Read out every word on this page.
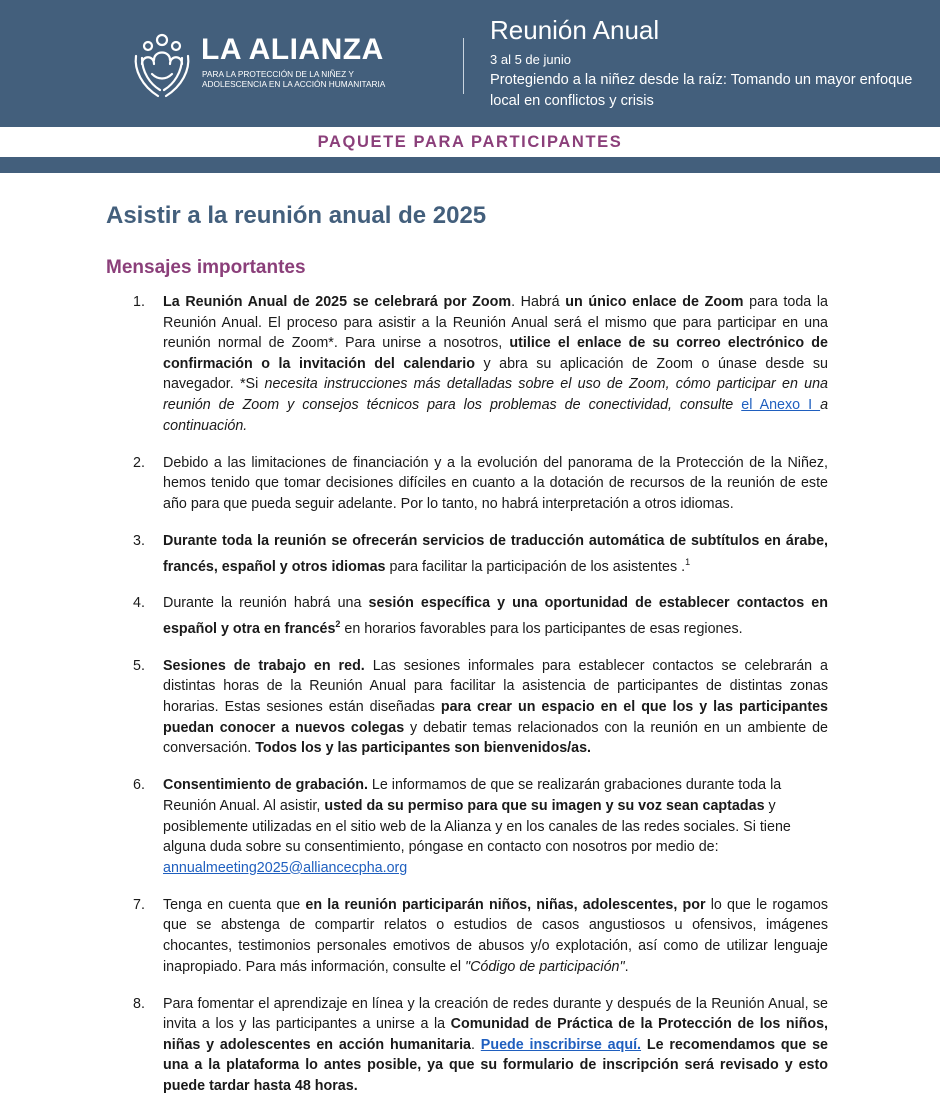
LA ALIANZA
PARA LA PROTECCIÓN DE LA NIÑEZ Y
ADOLESCENCIA EN LA ACCIÓN HUMANITARIA
Reunión Anual
3 al 5 de junio
Protegiendo a la niñez desde la raíz: Tomando un mayor enfoque local en conflictos y crisis
PAQUETE PARA PARTICIPANTES
Asistir a la reunión anual de 2025
Mensajes importantes
1. La Reunión Anual de 2025 se celebrará por Zoom. Habrá un único enlace de Zoom para toda la Reunión Anual. El proceso para asistir a la Reunión Anual será el mismo que para participar en una reunión normal de Zoom*. Para unirse a nosotros, utilice el enlace de su correo electrónico de confirmación o la invitación del calendario y abra su aplicación de Zoom o únase desde su navegador. *Si necesita instrucciones más detalladas sobre el uso de Zoom, cómo participar en una reunión de Zoom y consejos técnicos para los problemas de conectividad, consulte el Anexo I a continuación.
2. Debido a las limitaciones de financiación y a la evolución del panorama de la Protección de la Niñez, hemos tenido que tomar decisiones difíciles en cuanto a la dotación de recursos de la reunión de este año para que pueda seguir adelante. Por lo tanto, no habrá interpretación a otros idiomas.
3. Durante toda la reunión se ofrecerán servicios de traducción automática de subtítulos en árabe, francés, español y otros idiomas para facilitar la participación de los asistentes .$^1$
4. Durante la reunión habrá una sesión específica y una oportunidad de establecer contactos en español y otra en francés$^2$ en horarios favorables para los participantes de esas regiones.
5. Sesiones de trabajo en red. Las sesiones informales para establecer contactos se celebrarán a distintas horas de la Reunión Anual para facilitar la asistencia de participantes de distintas zonas horarias. Estas sesiones están diseñadas para crear un espacio en el que los y las participantes puedan conocer a nuevos colegas y debatir temas relacionados con la reunión en un ambiente de conversación. Todos los y las participantes son bienvenidos/as.
6. Consentimiento de grabación. Le informamos de que se realizarán grabaciones durante toda la Reunión Anual. Al asistir, usted da su permiso para que su imagen y su voz sean captadas y posiblemente utilizadas en el sitio web de la Alianza y en los canales de las redes sociales. Si tiene alguna duda sobre su consentimiento, póngase en contacto con nosotros por medio de: annualmeeting2025@alliancecpha.org
7. Tenga en cuenta que en la reunión participarán niños, niñas, adolescentes, por lo que le rogamos que se abstenga de compartir relatos o estudios de casos angustiosos u ofensivos, imágenes chocantes, testimonios personales emotivos de abusos y/o explotación, así como de utilizar lenguaje inapropiado. Para más información, consulte el "Código de participación".
8. Para fomentar el aprendizaje en línea y la creación de redes durante y después de la Reunión Anual, se invita a los y las participantes a unirse a la Comunidad de Práctica de la Protección de los niños, niñas y adolescentes en acción humanitaria. Puede inscribirse aquí. Le recomendamos que se una a la plataforma lo antes posible, ya que su formulario de inscripción será revisado y esto puede tardar hasta 48 horas.
